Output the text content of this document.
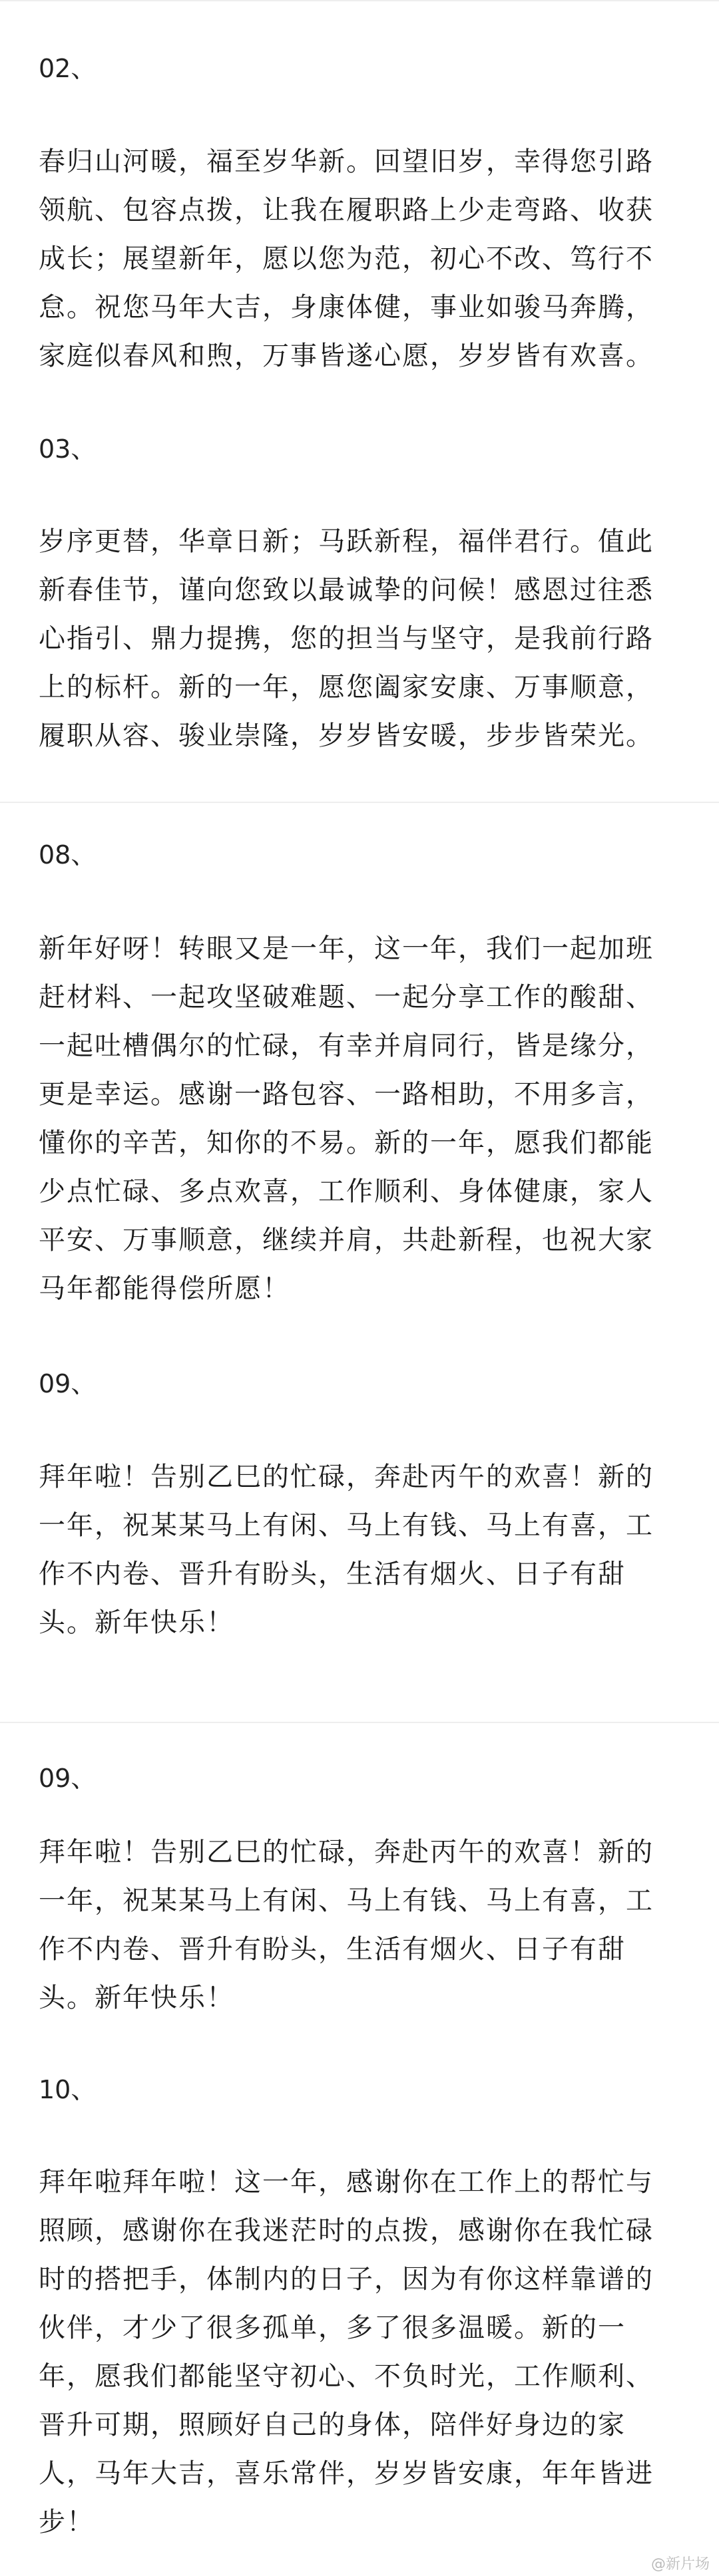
02、

春归山河暖，福至岁华新。回望旧岁，幸得您引路
领航、包容点拨，让我在履职路上少走弯路、收获
成长；展望新年，愿以您为范，初心不改、笃行不
怠。祝您马年大吉，身康体健，事业如骏马奔腾，
家庭似春风和煦，万事皆遂心愿，岁岁皆有欢喜。

03、

岁序更替，华章日新；马跃新程，福伴君行。值此
新春佳节，谨向您致以最诚挚的问候！感恩过往悉
心指引、鼎力提携，您的担当与坚守，是我前行路
上的标杆。新的一年，愿您阖家安康、万事顺意，
履职从容、骏业崇隆，岁岁皆安暖，步步皆荣光。

08、

新年好呀！转眼又是一年，这一年，我们一起加班
赶材料、一起攻坚破难题、一起分享工作的酸甜、
一起吐槽偶尔的忙碌，有幸并肩同行，皆是缘分，
更是幸运。感谢一路包容、一路相助，不用多言，
懂你的辛苦，知你的不易。新的一年，愿我们都能
少点忙碌、多点欢喜，工作顺利、身体健康，家人
平安、万事顺意，继续并肩，共赴新程，也祝大家
马年都能得偿所愿！

09、

拜年啦！告别乙巳的忙碌，奔赴丙午的欢喜！新的
一年，祝某某马上有闲、马上有钱、马上有喜，工
作不内卷、晋升有盼头，生活有烟火、日子有甜
头。新年快乐！

09、

拜年啦！告别乙巳的忙碌，奔赴丙午的欢喜！新的
一年，祝某某马上有闲、马上有钱、马上有喜，工
作不内卷、晋升有盼头，生活有烟火、日子有甜
头。新年快乐！

10、

拜年啦拜年啦！这一年，感谢你在工作上的帮忙与
照顾，感谢你在我迷茫时的点拨，感谢你在我忙碌
时的搭把手，体制内的日子，因为有你这样靠谱的
伙伴，才少了很多孤单，多了很多温暖。新的一
年，愿我们都能坚守初心、不负时光，工作顺利、
晋升可期，照顾好自己的身体，陪伴好身边的家
人，马年大吉，喜乐常伴，岁岁皆安康，年年皆进
步！

@新片场
